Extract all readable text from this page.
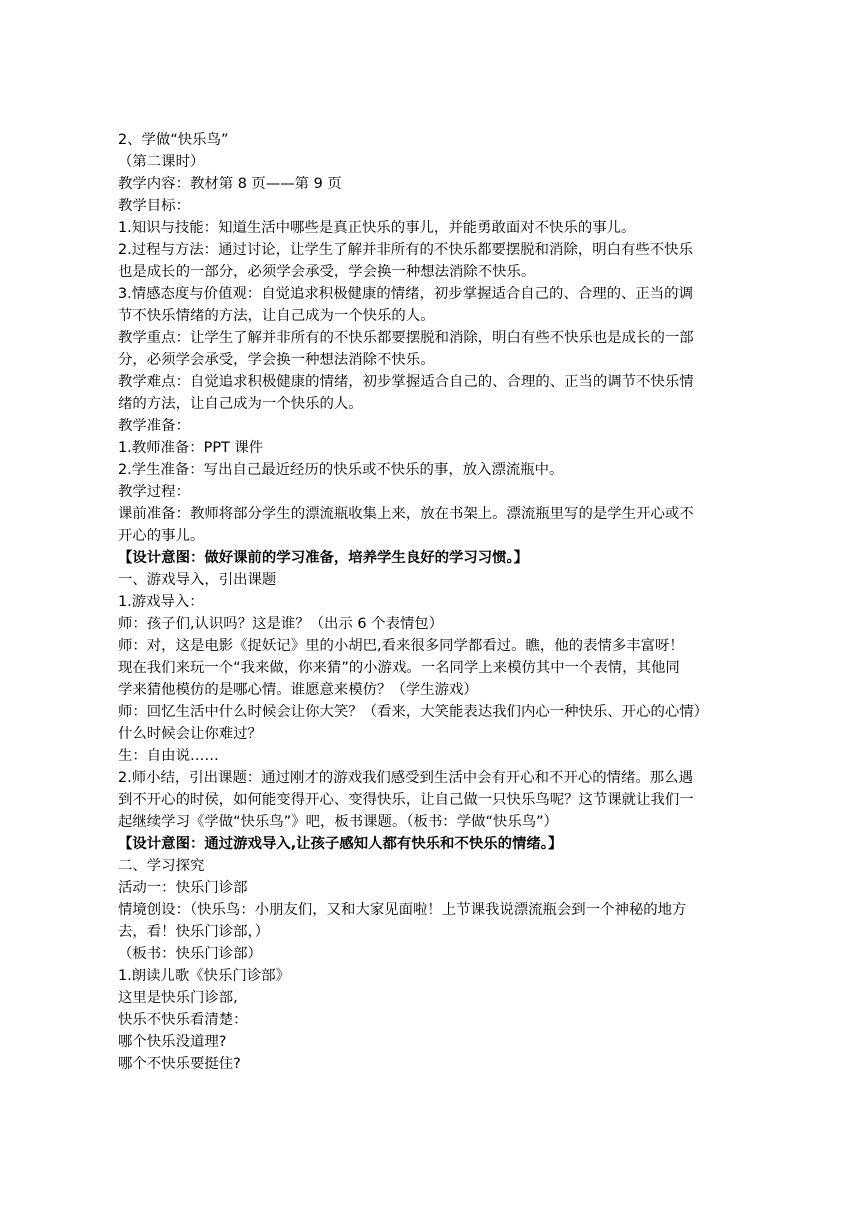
2、学做“快乐鸟”
（第二课时）
教学内容：教材第 8 页——第 9 页
教学目标：
1.知识与技能：知道生活中哪些是真正快乐的事儿，并能勇敢面对不快乐的事儿。
2.过程与方法：通过讨论，让学生了解并非所有的不快乐都要摆脱和消除，明白有些不快乐
也是成长的一部分，必须学会承受，学会换一种想法消除不快乐。
3.情感态度与价值观：自觉追求积极健康的情绪，初步掌握适合自己的、合理的、正当的调
节不快乐情绪的方法，让自己成为一个快乐的人。
教学重点：让学生了解并非所有的不快乐都要摆脱和消除，明白有些不快乐也是成长的一部
分，必须学会承受，学会换一种想法消除不快乐。
教学难点：自觉追求积极健康的情绪，初步掌握适合自己的、合理的、正当的调节不快乐情
绪的方法，让自己成为一个快乐的人。
教学准备：
1.教师准备：PPT 课件
2.学生准备：写出自己最近经历的快乐或不快乐的事，放入漂流瓶中。
教学过程：
课前准备：教师将部分学生的漂流瓶收集上来，放在书架上。漂流瓶里写的是学生开心或不
开心的事儿。
【设计意图：做好课前的学习准备，培养学生良好的学习习惯。】
一、游戏导入，引出课题
1.游戏导入：
师：孩子们,认识吗？这是谁？（出示 6 个表情包）
师：对，这是电影《捉妖记》里的小胡巴,看来很多同学都看过。瞧，他的表情多丰富呀！
现在我们来玩一个“我来做，你来猜”的小游戏。一名同学上来模仿其中一个表情，其他同
学来猜他模仿的是哪心情。谁愿意来模仿？（学生游戏）
师：回忆生活中什么时候会让你大笑？（看来，大笑能表达我们内心一种快乐、开心的心情）
什么时候会让你难过？
生：自由说……
2.师小结，引出课题：通过刚才的游戏我们感受到生活中会有开心和不开心的情绪。那么遇
到不开心的时侯，如何能变得开心、变得快乐，让自己做一只快乐鸟呢？这节课就让我们一
起继续学习《学做“快乐鸟”》吧，板书课题。（板书：学做“快乐鸟”）
【设计意图：通过游戏导入,让孩子感知人都有快乐和不快乐的情绪。】
二、学习探究
活动一：快乐门诊部
情境创设：（快乐鸟：小朋友们，又和大家见面啦！上节课我说漂流瓶会到一个神秘的地方
去，看！快乐门诊部，）
（板书：快乐门诊部）
1.朗读儿歌《快乐门诊部》
这里是快乐门诊部,
快乐不快乐看清楚：
哪个快乐没道理?
哪个不快乐要挺住?
